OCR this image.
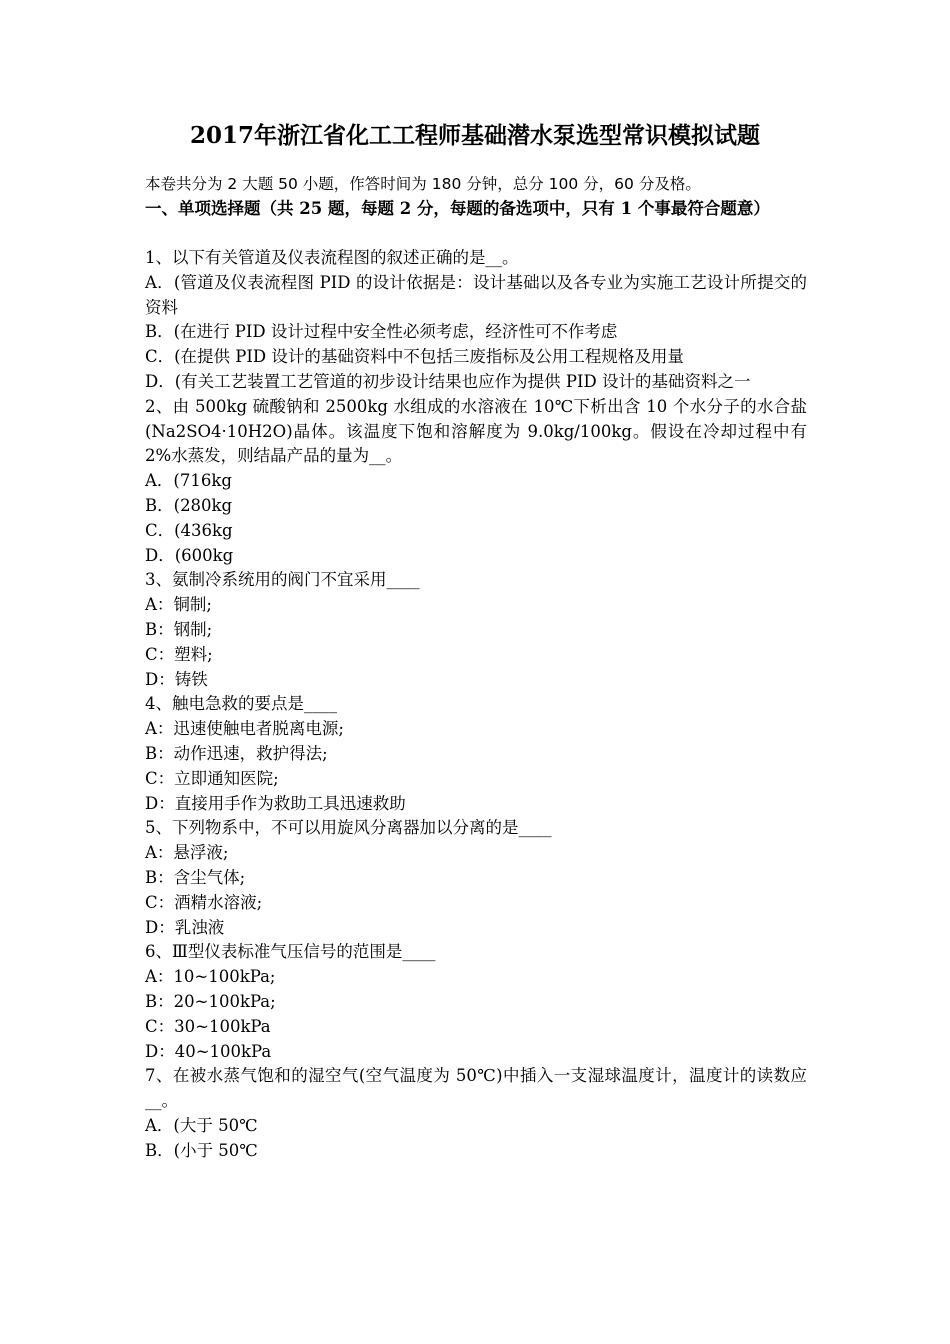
2017年浙江省化工工程师基础潜水泵选型常识模拟试题
本卷共分为 2 大题 50 小题，作答时间为 180 分钟，总分 100 分，60 分及格。
一、单项选择题（共 25 题，每题 2 分，每题的备选项中，只有 1 个事最符合题意）
1、以下有关管道及仪表流程图的叙述正确的是__。
A．(管道及仪表流程图 PID 的设计依据是：设计基础以及各专业为实施工艺设计所提交的资料
B．(在进行 PID 设计过程中安全性必须考虑，经济性可不作考虑
C．(在提供 PID 设计的基础资料中不包括三废指标及公用工程规格及用量
D．(有关工艺装置工艺管道的初步设计结果也应作为提供 PID 设计的基础资料之一
2、由 500kg 硫酸钠和 2500kg 水组成的水溶液在 10℃下析出含 10 个水分子的水合盐(Na2SO4·10H2O)晶体。该温度下饱和溶解度为 9.0kg/100kg。假设在冷却过程中有 2%水蒸发，则结晶产品的量为__。
A．(716kg
B．(280kg
C．(436kg
D．(600kg
3、氨制冷系统用的阀门不宜采用____
A：铜制;
B：钢制;
C：塑料;
D：铸铁
4、触电急救的要点是____
A：迅速使触电者脱离电源;
B：动作迅速，救护得法;
C：立即通知医院;
D：直接用手作为救助工具迅速救助
5、下列物系中，不可以用旋风分离器加以分离的是____
A：悬浮液;
B：含尘气体;
C：酒精水溶液;
D：乳浊液
6、Ⅲ型仪表标准气压信号的范围是____
A：10~100kPa;
B：20~100kPa;
C：30~100kPa
D：40~100kPa
7、在被水蒸气饱和的湿空气(空气温度为 50℃)中插入一支湿球温度计，温度计的读数应__。
A．(大于 50℃
B．(小于 50℃
